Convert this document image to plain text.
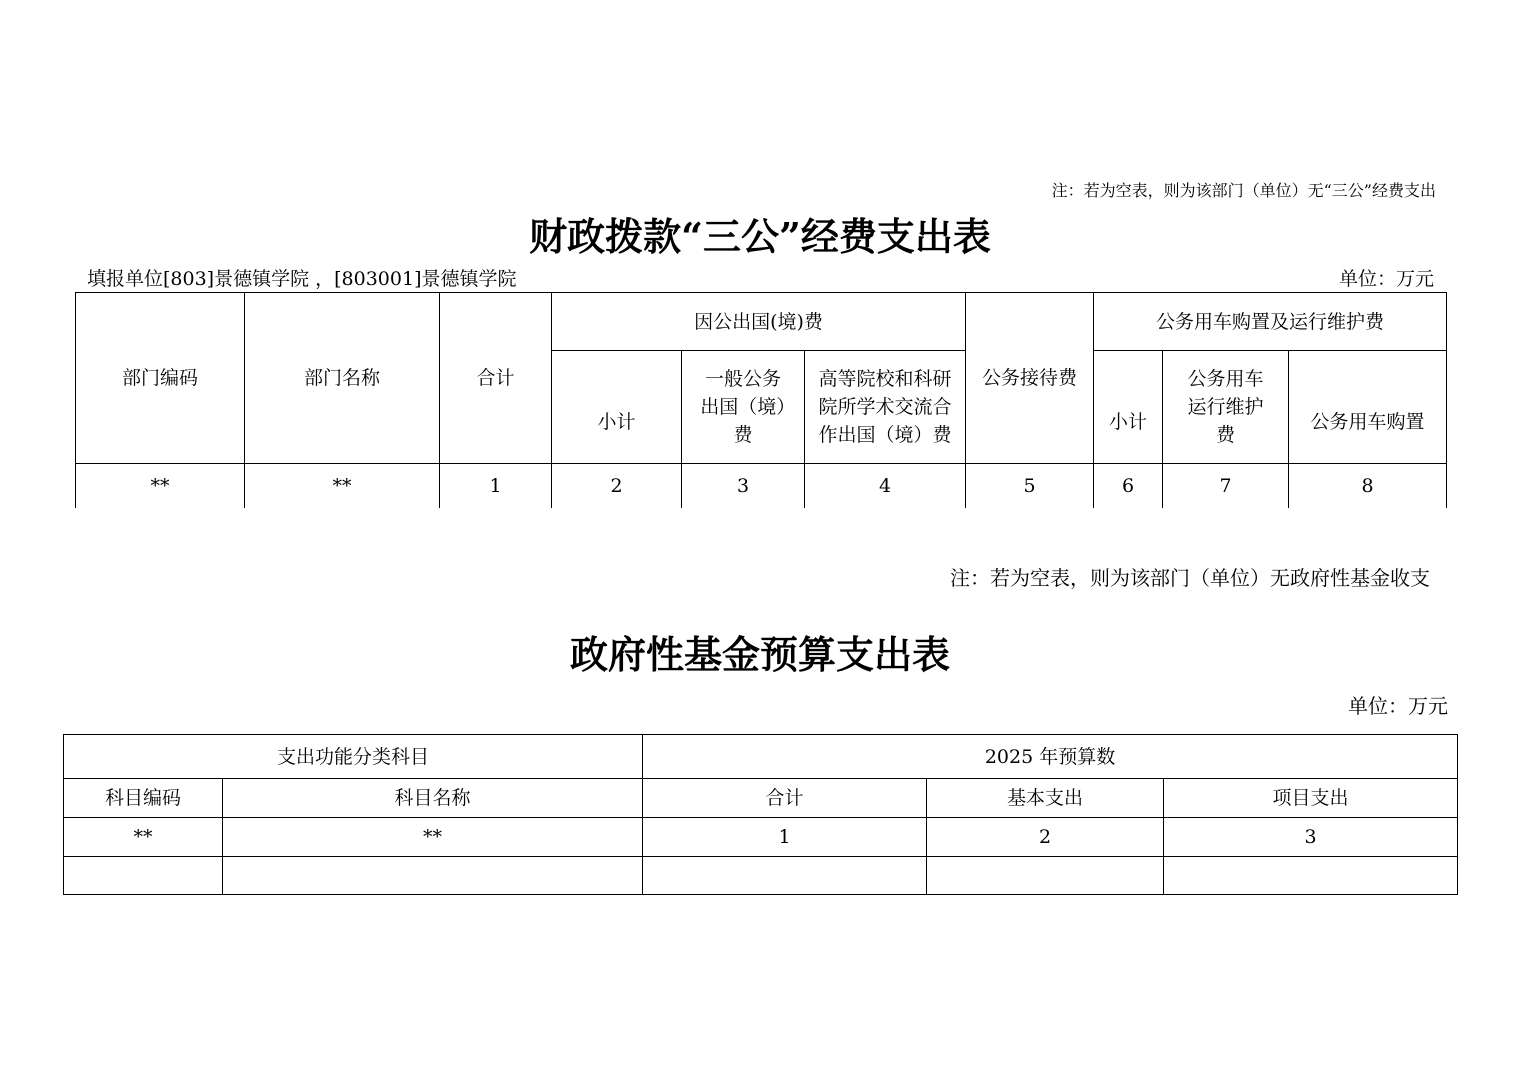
注：若为空表，则为该部门（单位）无“三公”经费支出
财政拨款“三公”经费支出表
填报单位[803]景德镇学院 ，[803001]景德镇学院	单位：万元
部门编码	部门名称	合计	因公出国(境)费			公务接待费	公务用车购置及运行维护费		
			小计	一般公务出国（境）费	高等院校和科研院所学术交流合作出国（境）费		小计	公务用车运行维护费	公务用车购置
**	**	1	2	3	4	5	6	7	8
注：若为空表，则为该部门（单位）无政府性基金收支
政府性基金预算支出表
单位：万元
支出功能分类科目		2025 年预算数		
科目编码	科目名称	合计	基本支出	项目支出
**	**	1	2	3
